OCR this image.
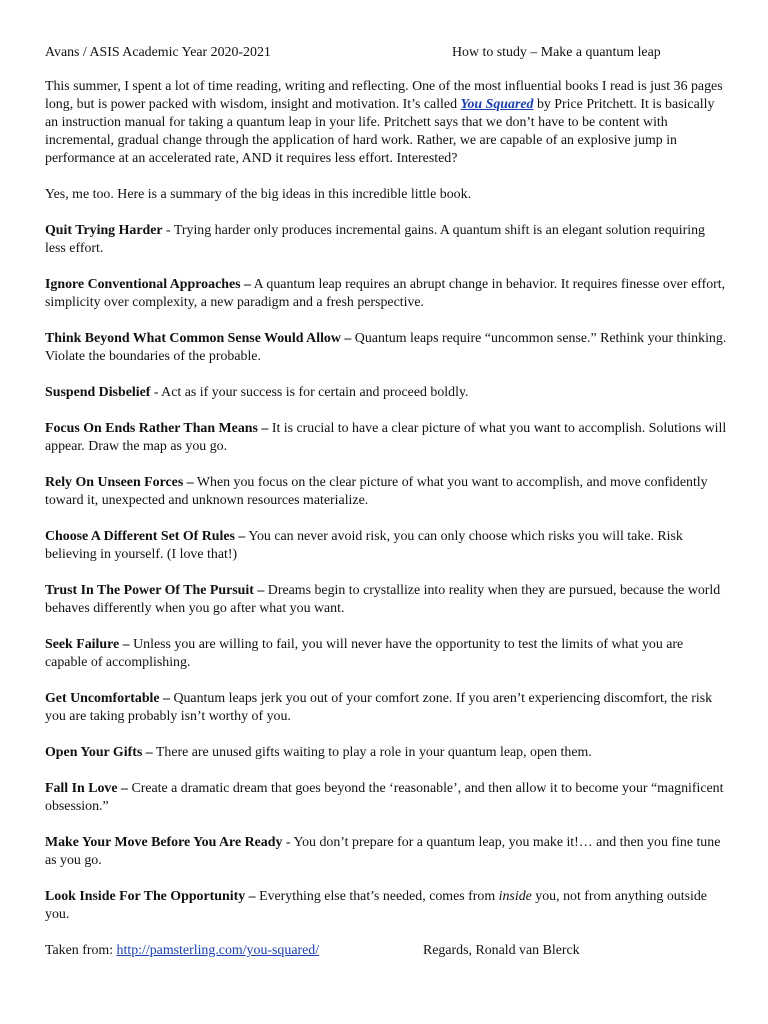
Avans / ASIS Academic Year 2020-2021	How to study – Make a quantum leap

This summer, I spent a lot of time reading, writing and reflecting. One of the most influential books I read is just 36 pages long, but is power packed with wisdom, insight and motivation. It’s called You Squared by Price Pritchett. It is basically an instruction manual for taking a quantum leap in your life. Pritchett says that we don’t have to be content with incremental, gradual change through the application of hard work. Rather, we are capable of an explosive jump in performance at an accelerated rate, AND it requires less effort. Interested?

Yes, me too. Here is a summary of the big ideas in this incredible little book.

Quit Trying Harder - Trying harder only produces incremental gains. A quantum shift is an elegant solution requiring less effort.

Ignore Conventional Approaches – A quantum leap requires an abrupt change in behavior. It requires finesse over effort, simplicity over complexity, a new paradigm and a fresh perspective.

Think Beyond What Common Sense Would Allow – Quantum leaps require “uncommon sense.” Rethink your thinking. Violate the boundaries of the probable.

Suspend Disbelief - Act as if your success is for certain and proceed boldly.

Focus On Ends Rather Than Means – It is crucial to have a clear picture of what you want to accomplish. Solutions will appear. Draw the map as you go.

Rely On Unseen Forces – When you focus on the clear picture of what you want to accomplish, and move confidently toward it, unexpected and unknown resources materialize.

Choose A Different Set Of Rules – You can never avoid risk, you can only choose which risks you will take. Risk believing in yourself. (I love that!)

Trust In The Power Of The Pursuit – Dreams begin to crystallize into reality when they are pursued, because the world behaves differently when you go after what you want.

Seek Failure – Unless you are willing to fail, you will never have the opportunity to test the limits of what you are capable of accomplishing.

Get Uncomfortable – Quantum leaps jerk you out of your comfort zone. If you aren’t experiencing discomfort, the risk you are taking probably isn’t worthy of you.

Open Your Gifts – There are unused gifts waiting to play a role in your quantum leap, open them.

Fall In Love – Create a dramatic dream that goes beyond the ‘reasonable’, and then allow it to become your “magnificent obsession.”

Make Your Move Before You Are Ready - You don’t prepare for a quantum leap, you make it!… and then you fine tune as you go.

Look Inside For The Opportunity – Everything else that’s needed, comes from inside you, not from anything outside you.

Taken from: http://pamsterling.com/you-squared/	Regards, Ronald van Blerck
